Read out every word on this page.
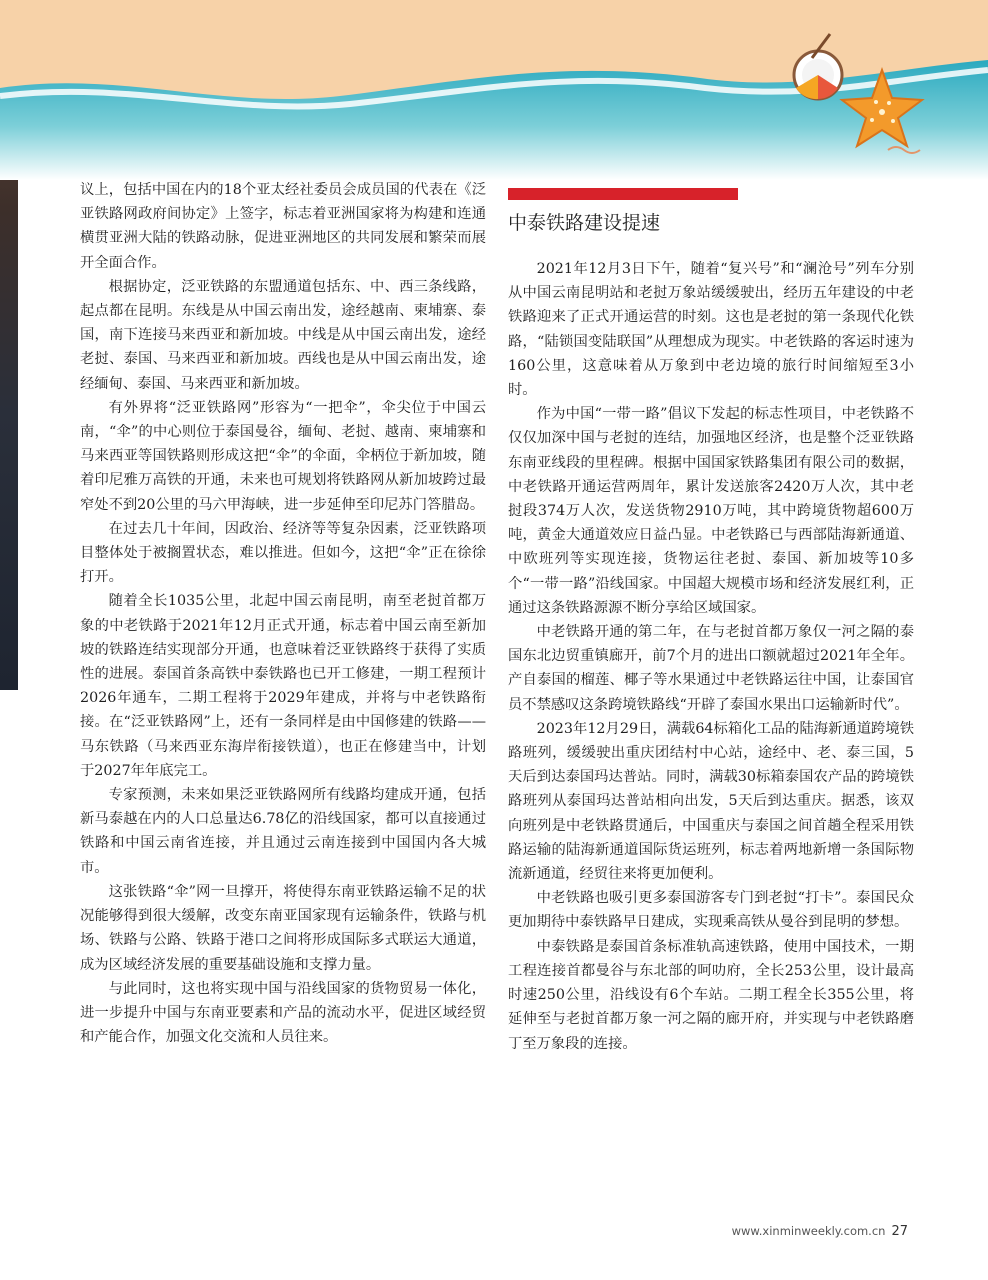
议上，包括中国在内的18个亚太经社委员会成员国的代表在《泛亚铁路网政府间协定》上签字，标志着亚洲国家将为构建和连通横贯亚洲大陆的铁路动脉，促进亚洲地区的共同发展和繁荣而展开全面合作。

根据协定，泛亚铁路的东盟通道包括东、中、西三条线路，起点都在昆明。东线是从中国云南出发，途经越南、柬埔寨、泰国，南下连接马来西亚和新加坡。中线是从中国云南出发，途经老挝、泰国、马来西亚和新加坡。西线也是从中国云南出发，途经缅甸、泰国、马来西亚和新加坡。

有外界将“泛亚铁路网”形容为“一把伞”，伞尖位于中国云南，“伞”的中心则位于泰国曼谷，缅甸、老挝、越南、柬埔寨和马来西亚等国铁路则形成这把“伞”的伞面，伞柄位于新加坡，随着印尼雅万高铁的开通，未来也可规划将铁路网从新加坡跨过最窄处不到20公里的马六甲海峡，进一步延伸至印尼苏门答腊岛。

在过去几十年间，因政治、经济等等复杂因素，泛亚铁路项目整体处于被搁置状态，难以推进。但如今，这把“伞”正在徐徐打开。

随着全长1035公里，北起中国云南昆明，南至老挝首都万象的中老铁路于2021年12月正式开通，标志着中国云南至新加坡的铁路连结实现部分开通，也意味着泛亚铁路终于获得了实质性的进展。泰国首条高铁中泰铁路也已开工修建，一期工程预计2026年通车，二期工程将于2029年建成，并将与中老铁路衔接。在“泛亚铁路网”上，还有一条同样是由中国修建的铁路——马东铁路（马来西亚东海岸衔接铁道），也正在修建当中，计划于2027年年底完工。

专家预测，未来如果泛亚铁路网所有线路均建成开通，包括新马泰越在内的人口总量达6.78亿的沿线国家，都可以直接通过铁路和中国云南省连接，并且通过云南连接到中国国内各大城市。

这张铁路“伞”网一旦撑开，将使得东南亚铁路运输不足的状况能够得到很大缓解，改变东南亚国家现有运输条件，铁路与机场、铁路与公路、铁路于港口之间将形成国际多式联运大通道，成为区域经济发展的重要基础设施和支撑力量。

与此同时，这也将实现中国与沿线国家的货物贸易一体化，进一步提升中国与东南亚要素和产品的流动水平，促进区域经贸和产能合作，加强文化交流和人员往来。

中泰铁路建设提速

2021年12月3日下午，随着“复兴号”和“澜沧号”列车分别从中国云南昆明站和老挝万象站缓缓驶出，经历五年建设的中老铁路迎来了正式开通运营的时刻。这也是老挝的第一条现代化铁路，“陆锁国变陆联国”从理想成为现实。中老铁路的客运时速为160公里，这意味着从万象到中老边境的旅行时间缩短至3小时。

作为中国“一带一路”倡议下发起的标志性项目，中老铁路不仅仅加深中国与老挝的连结，加强地区经济，也是整个泛亚铁路东南亚线段的里程碑。根据中国国家铁路集团有限公司的数据，中老铁路开通运营两周年，累计发送旅客2420万人次，其中老挝段374万人次，发送货物2910万吨，其中跨境货物超600万吨，黄金大通道效应日益凸显。中老铁路已与西部陆海新通道、中欧班列等实现连接，货物运往老挝、泰国、新加坡等10多个“一带一路”沿线国家。中国超大规模市场和经济发展红利，正通过这条铁路源源不断分享给区域国家。

中老铁路开通的第二年，在与老挝首都万象仅一河之隔的泰国东北边贸重镇廊开，前7个月的进出口额就超过2021年全年。产自泰国的榴莲、椰子等水果通过中老铁路运往中国，让泰国官员不禁感叹这条跨境铁路线“开辟了泰国水果出口运输新时代”。

2023年12月29日，满载64标箱化工品的陆海新通道跨境铁路班列，缓缓驶出重庆团结村中心站，途经中、老、泰三国，5天后到达泰国玛达普站。同时，满载30标箱泰国农产品的跨境铁路班列从泰国玛达普站相向出发，5天后到达重庆。据悉，该双向班列是中老铁路贯通后，中国重庆与泰国之间首趟全程采用铁路运输的陆海新通道国际货运班列，标志着两地新增一条国际物流新通道，经贸往来将更加便利。

中老铁路也吸引更多泰国游客专门到老挝“打卡”。泰国民众更加期待中泰铁路早日建成，实现乘高铁从曼谷到昆明的梦想。

中泰铁路是泰国首条标准轨高速铁路，使用中国技术，一期工程连接首都曼谷与东北部的呵叻府，全长253公里，设计最高时速250公里，沿线设有6个车站。二期工程全长355公里，将延伸至与老挝首都万象一河之隔的廊开府，并实现与中老铁路磨丁至万象段的连接。

www.xinminweekly.com.cn 27
